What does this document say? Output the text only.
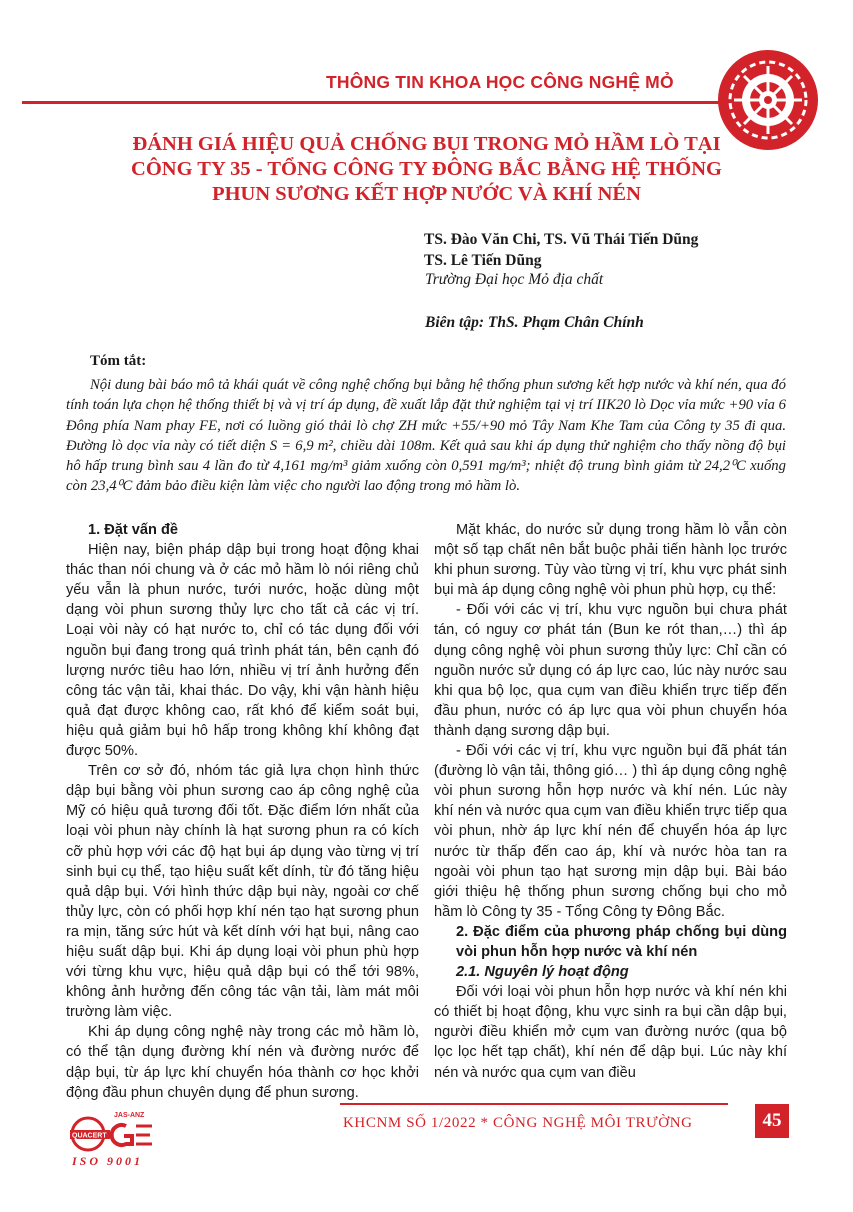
THÔNG TIN KHOA HỌC CÔNG NGHỆ MỎ
ĐÁNH GIÁ HIỆU QUẢ CHỐNG BỤI TRONG MỎ HẦM LÒ TẠI
CÔNG TY 35 - TỔNG CÔNG TY ĐÔNG BẮC BẰNG HỆ THỐNG
PHUN SƯƠNG KẾT HỢP NƯỚC VÀ KHÍ NÉN
TS. Đào Văn Chi, TS. Vũ Thái Tiến Dũng
TS. Lê Tiến Dũng
Trường Đại học Mỏ địa chất
Biên tập: ThS. Phạm Chân Chính
Tóm tắt:
Nội dung bài báo mô tả khái quát về công nghệ chống bụi bằng hệ thống phun sương kết hợp nước và khí nén, qua đó tính toán lựa chọn hệ thống thiết bị và vị trí áp dụng, đề xuất lắp đặt thử nghiệm tại vị trí IIK20 lò Dọc vỉa mức +90 vỉa 6 Đông phía Nam phay FE, nơi có luồng gió thải lò chợ ZH mức +55/+90 mỏ Tây Nam Khe Tam của Công ty 35 đi qua. Đường lò dọc vỉa này có tiết diện S = 6,9 m², chiều dài 108m. Kết quả sau khi áp dụng thử nghiệm cho thấy nồng độ bụi hô hấp trung bình sau 4 lần đo từ 4,161 mg/m³ giảm xuống còn 0,591 mg/m³; nhiệt độ trung bình giảm từ 24,2⁰C xuống còn 23,4⁰C đảm bảo điều kiện làm việc cho người lao động trong mỏ hầm lò.
1. Đặt vấn đề

Hiện nay, biện pháp dập bụi trong hoạt động khai thác than nói chung và ở các mỏ hầm lò nói riêng chủ yếu vẫn là phun nước, tưới nước, hoặc dùng một dạng vòi phun sương thủy lực cho tất cả các vị trí. Loại vòi này có hạt nước to, chỉ có tác dụng đối với nguồn bụi đang trong quá trình phát tán, bên cạnh đó lượng nước tiêu hao lớn, nhiều vị trí ảnh hưởng đến công tác vận tải, khai thác. Do vậy, khi vận hành hiệu quả đạt được không cao, rất khó để kiểm soát bụi, hiệu quả giảm bụi hô hấp trong không khí không đạt được 50%.

Trên cơ sở đó, nhóm tác giả lựa chọn hình thức dập bụi bằng vòi phun sương cao áp công nghệ của Mỹ có hiệu quả tương đối tốt. Đặc điểm lớn nhất của loại vòi phun này chính là hạt sương phun ra có kích cỡ phù hợp với các độ hạt bụi áp dụng vào từng vị trí sinh bụi cụ thể, tạo hiệu suất kết dính, từ đó tăng hiệu quả dập bụi. Với hình thức dập bụi này, ngoài cơ chế thủy lực, còn có phối hợp khí nén tạo hạt sương phun ra mịn, tăng sức hút và kết dính với hạt bụi, nâng cao hiệu suất dập bụi. Khi áp dụng loại vòi phun phù hợp với từng khu vực, hiệu quả dập bụi có thể tới 98%, không ảnh hưởng đến công tác vận tải, làm mát môi trường làm việc.

Khi áp dụng công nghệ này trong các mỏ hầm lò, có thể tận dụng đường khí nén và đường nước để dập bụi, từ áp lực khí chuyển hóa thành cơ học khởi động đầu phun chuyên dụng để phun sương.

Mặt khác, do nước sử dụng trong hầm lò vẫn còn một số tạp chất nên bắt buộc phải tiến hành lọc trước khi phun sương. Tùy vào từng vị trí, khu vực phát sinh bụi mà áp dụng công nghệ vòi phun phù hợp, cụ thể:

- Đối với các vị trí, khu vực nguồn bụi chưa phát tán, có nguy cơ phát tán (Bun ke rót than,…) thì áp dụng công nghệ vòi phun sương thủy lực: Chỉ cần có nguồn nước sử dụng có áp lực cao, lúc này nước sau khi qua bộ lọc, qua cụm van điều khiển trực tiếp đến đầu phun, nước có áp lực qua vòi phun chuyển hóa thành dạng sương dập bụi.

- Đối với các vị trí, khu vực nguồn bụi đã phát tán (đường lò vận tải, thông gió… ) thì áp dụng công nghệ vòi phun sương hỗn hợp nước và khí nén. Lúc này khí nén và nước qua cụm van điều khiển trực tiếp qua vòi phun, nhờ áp lực khí nén để chuyển hóa áp lực nước từ thấp đến cao áp, khí và nước hòa tan ra ngoài vòi phun tạo hạt sương mịn dập bụi. Bài báo giới thiệu hệ thống phun sương chống bụi cho mỏ hầm lò Công ty 35 - Tổng Công ty Đông Bắc.

2. Đặc điểm của phương pháp chống bụi dùng vòi phun hỗn hợp nước và khí nén
2.1. Nguyên lý hoạt động

Đối với loại vòi phun hỗn hợp nước và khí nén khi có thiết bị hoạt động, khu vực sinh ra bụi cần dập bụi, người điều khiển mở cụm van đường nước (qua bộ lọc lọc hết tạp chất), khí nén để dập bụi. Lúc này khí nén và nước qua cụm van điều

JAS-ANZ
QUACERT
ISO 9001
KHCNM SỐ 1/2022 * CÔNG NGHỆ MÔI TRƯỜNG	45
